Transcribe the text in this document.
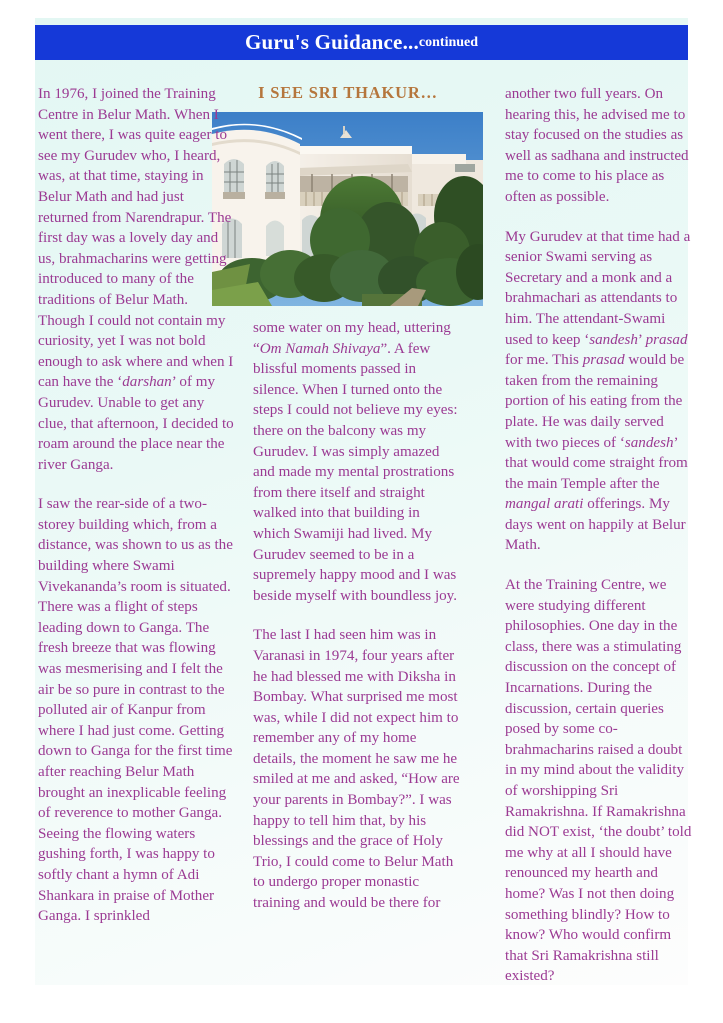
Guru's Guidance... continued
I SEE SRI THAKUR…

In 1976, I joined the Training Centre in Belur Math. When I went there, I was quite eager to see my Gurudev who, I heard, was, at that time, staying in Belur Math and had just returned from Narendrapur. The first day was a lovely day and us, brahmacharins were getting introduced to many of the traditions of Belur Math. Though I could not contain my curiosity, yet I was not bold enough to ask where and when I can have the ‘darshan’ of my Gurudev. Unable to get any clue, that afternoon, I decided to roam around the place near the river Ganga.

I saw the rear-side of a two-storey building which, from a distance, was shown to us as the building where Swami Vivekananda’s room is situated. There was a flight of steps leading down to Ganga. The fresh breeze that was flowing was mesmerising and I felt the air be so pure in contrast to the polluted air of Kanpur from where I had just come. Getting down to Ganga for the first time after reaching Belur Math brought an inexplicable feeling of reverence to mother Ganga. Seeing the flowing waters gushing forth, I was happy to softly chant a hymn of Adi Shankara in praise of Mother Ganga. I sprinkled

some water on my head, uttering “Om Namah Shivaya”. A few blissful moments passed in silence. When I turned onto the steps I could not believe my eyes: there on the balcony was my Gurudev. I was simply amazed and made my mental prostrations from there itself and straight walked into that building in which Swamiji had lived. My Gurudev seemed to be in a supremely happy mood and I was beside myself with boundless joy.

The last I had seen him was in Varanasi in 1974, four years after he had blessed me with Diksha in Bombay. What surprised me most was, while I did not expect him to remember any of my home details, the moment he saw me he smiled at me and asked, “How are your parents in Bombay?”. I was happy to tell him that, by his blessings and the grace of Holy Trio, I could come to Belur Math to undergo proper monastic training and would be there for

another two full years. On hearing this, he advised me to stay focused on the studies as well as sadhana and instructed me to come to his place as often as possible.

My Gurudev at that time had a senior Swami serving as Secretary and a monk and a brahmachari as attendants to him. The attendant-Swami used to keep ‘sandesh’ prasad for me. This prasad would be taken from the remaining portion of his eating from the plate. He was daily served with two pieces of ‘sandesh’ that would come straight from the main Temple after the mangal arati offerings. My days went on happily at Belur Math.

At the Training Centre, we were studying different philosophies. One day in the class, there was a stimulating discussion on the concept of Incarnations. During the discussion, certain queries posed by some co-brahmacharins raised a doubt in my mind about the validity of worshipping Sri Ramakrishna. If Ramakrishna did NOT exist, ‘the doubt’ told me why at all I should have renounced my hearth and home? Was I not then doing something blindly? How to know? Who would confirm that Sri Ramakrishna still existed?
